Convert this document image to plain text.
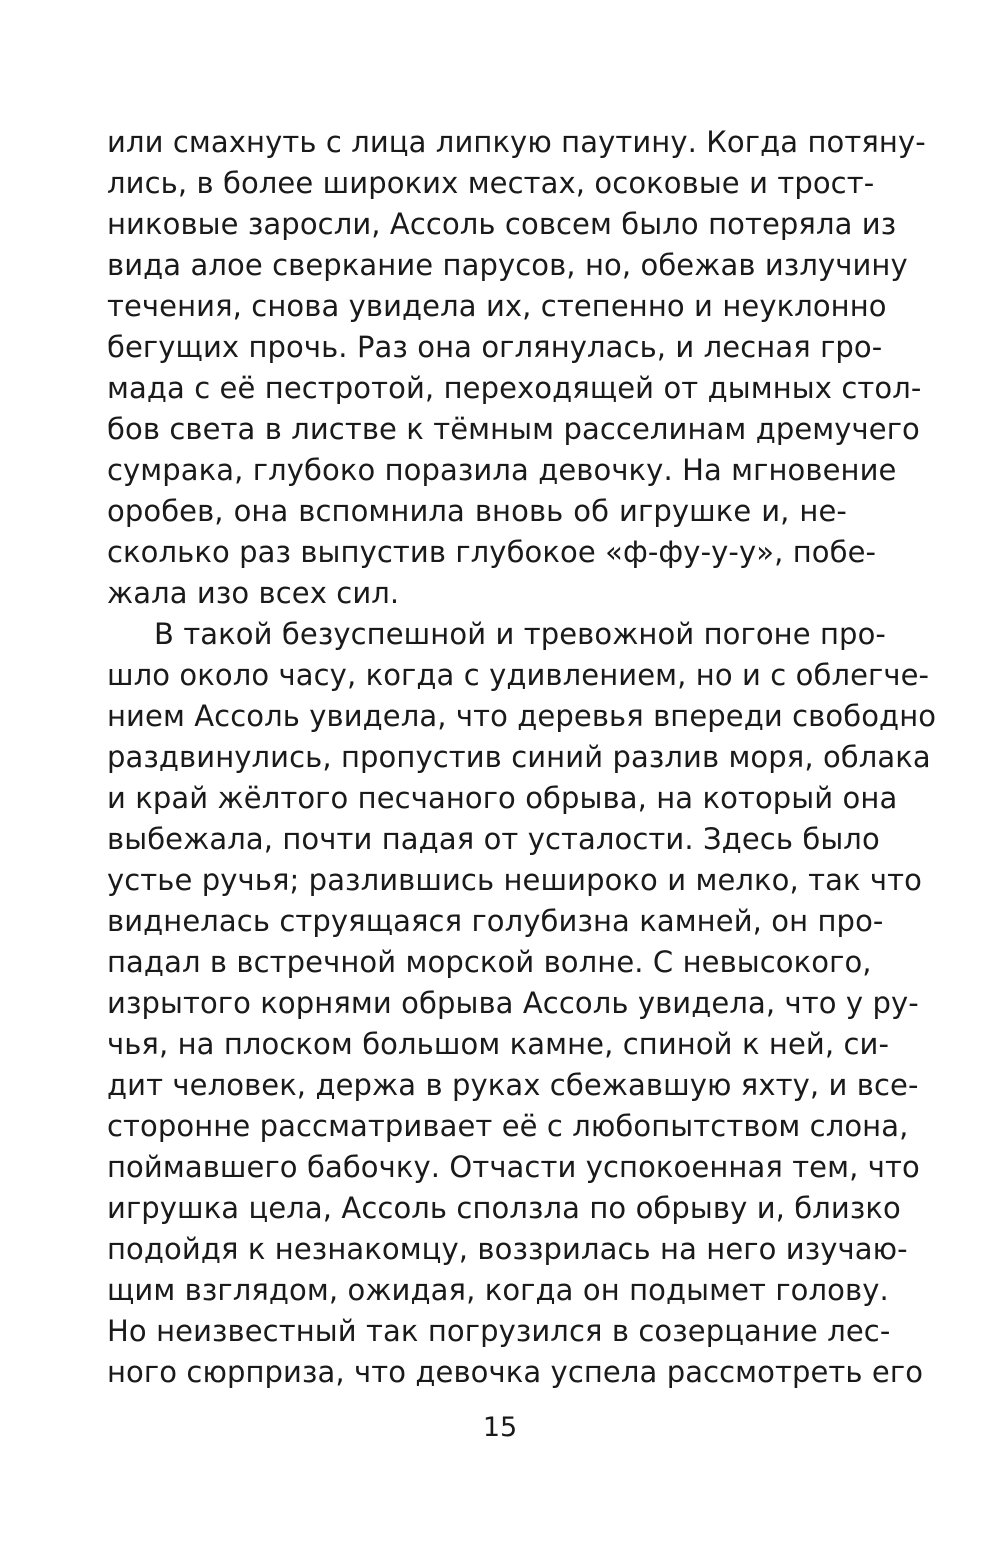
или смахнуть с лица липкую паутину. Когда потяну-
лись, в более широких местах, осоковые и трост-
никовые заросли, Ассоль совсем было потеряла из
вида алое сверкание парусов, но, обежав излучину
течения, снова увидела их, степенно и неуклонно
бегущих прочь. Раз она оглянулась, и лесная гро-
мада с её пестротой, переходящей от дымных стол-
бов света в листве к тёмным расселинам дремучего
сумрака, глубоко поразила девочку. На мгновение
оробев, она вспомнила вновь об игрушке и, не-
сколько раз выпустив глубокое «ф-фу-у-у», побе-
жала изо всех сил.
В такой безуспешной и тревожной погоне про-
шло около часу, когда с удивлением, но и с облегче-
нием Ассоль увидела, что деревья впереди свободно
раздвинулись, пропустив синий разлив моря, облака
и край жёлтого песчаного обрыва, на который она
выбежала, почти падая от усталости. Здесь было
устье ручья; разлившись неширoко и мелко, так что
виднелась струящаяся голубизна камней, он про-
падал в встречной морской волне. С невысокого,
изрытого корнями обрыва Ассоль увидела, что у ру-
чья, на плоском большом камне, спиной к ней, си-
дит человек, держа в руках сбежавшую яхту, и все-
сторонне рассматривает её с любопытством слона,
поймавшего бабочку. Отчасти успокоенная тем, что
игрушка цела, Ассоль сползла по обрыву и, близко
подойдя к незнакомцу, воззрилась на него изучаю-
щим взглядом, ожидая, когда он подымет голову.
Но неизвестный так погрузился в созерцание лес-
ного сюрприза, что девочка успела рассмотреть его
15
